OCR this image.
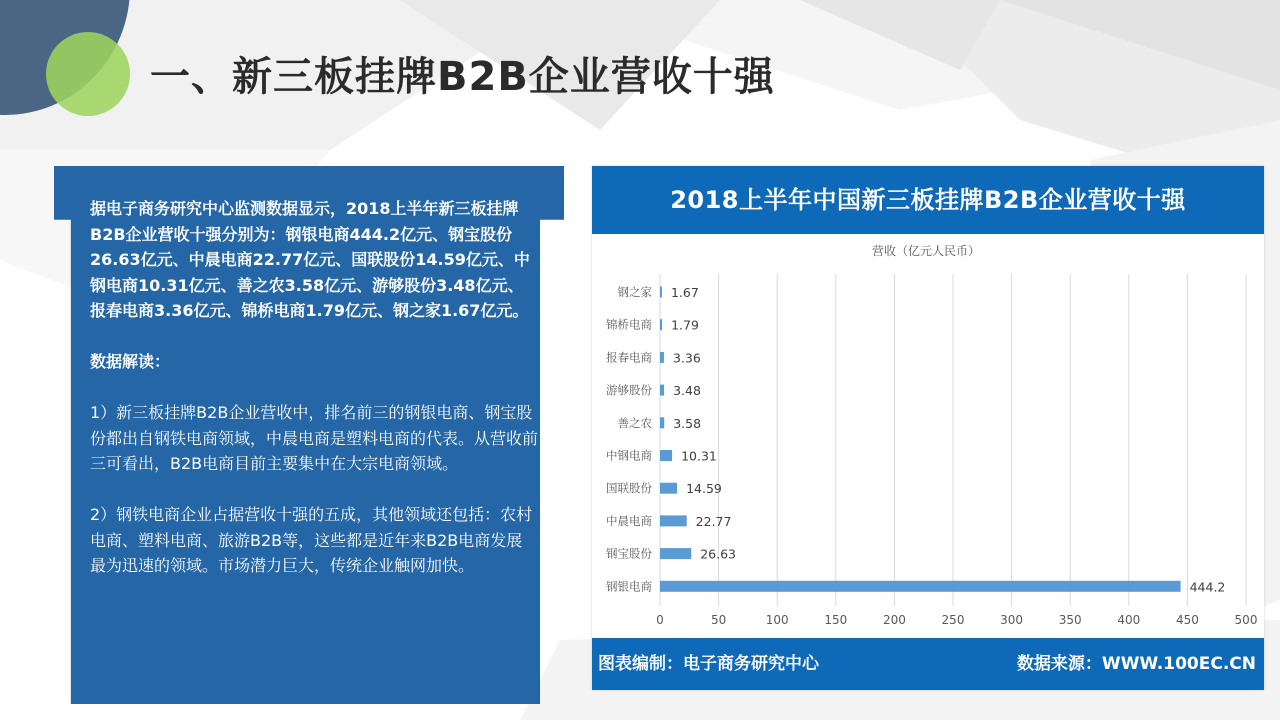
一、新三板挂牌B2B企业营收十强

据电子商务研究中心监测数据显示，2018上半年新三板挂牌B2B企业营收十强分别为：钢银电商444.2亿元、钢宝股份26.63亿元、中晨电商22.77亿元、国联股份14.59亿元、中钢电商10.31亿元、善之农3.58亿元、游够股份3.48亿元、报春电商3.36亿元、锦桥电商1.79亿元、钢之家1.67亿元。

数据解读：

1）新三板挂牌B2B企业营收中，排名前三的钢银电商、钢宝股份都出自钢铁电商领域，中晨电商是塑料电商的代表。从营收前三可看出，B2B电商目前主要集中在大宗电商领域。

2）钢铁电商企业占据营收十强的五成，其他领域还包括：农村电商、塑料电商、旅游B2B等，这些都是近年来B2B电商发展最为迅速的领域。市场潜力巨大，传统企业触网加快。

2018上半年中国新三板挂牌B2B企业营收十强
营收（亿元人民币）
0	50	100	150	200	250	300	350	400	450	500
钢之家 1.67
锦桥电商 1.79
报春电商 3.36
游够股份 3.48
善之农 3.58
中钢电商 10.31
国联股份	14.59
中晨电商	22.77
钢宝股份	26.63
钢银电商	444.2
图表编制：电子商务研究中心	数据来源：WWW.100EC.CN
